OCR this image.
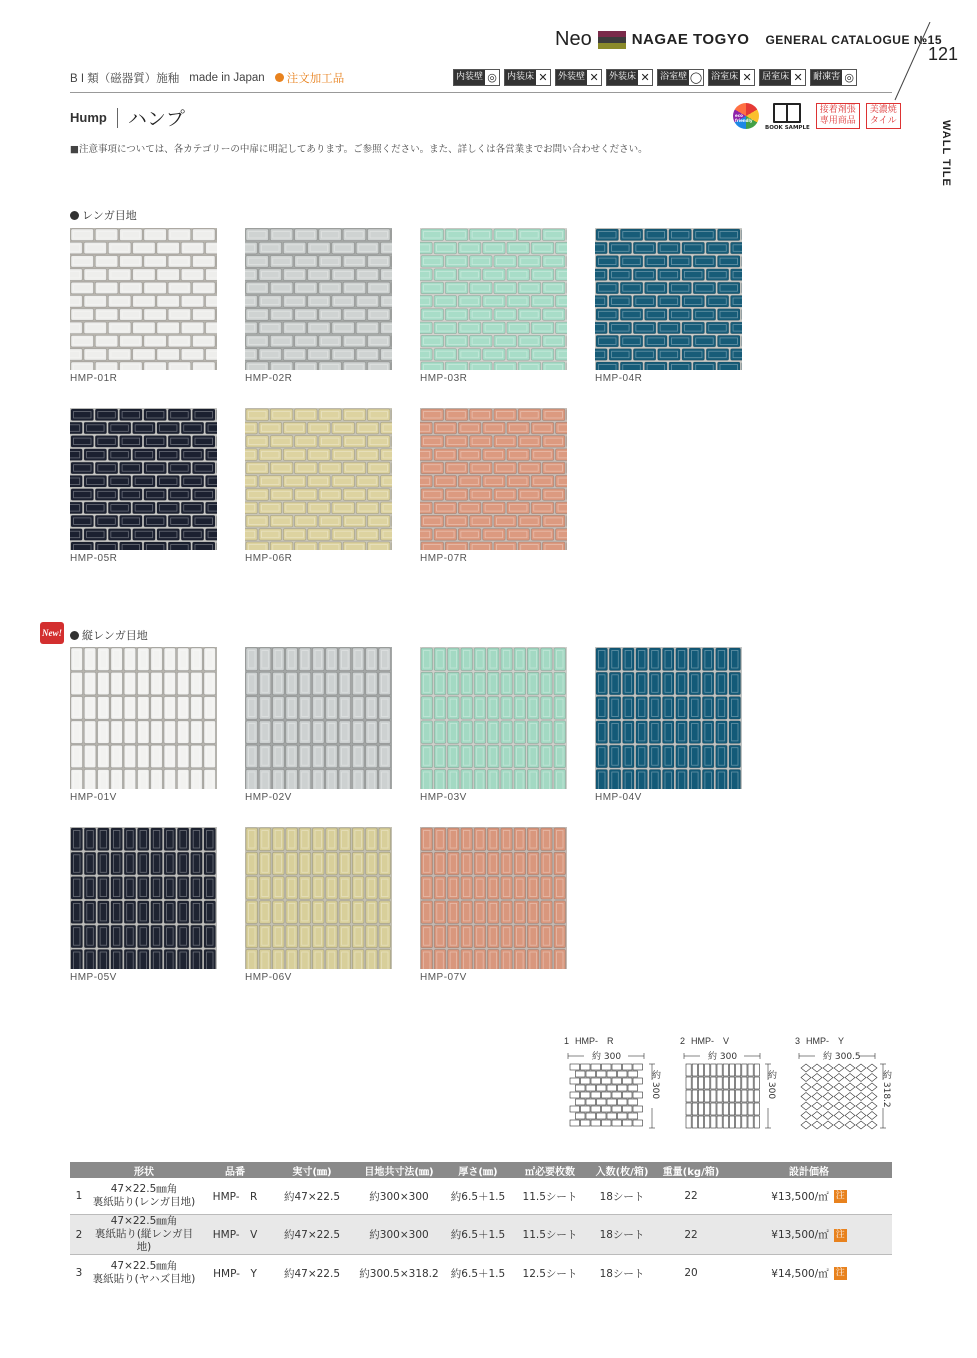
Neo	NAGAE TOGYO GENERAL CATALOGUE №15
121
B I 類（磁器質）施釉 made in Japan	注文加工品	内装壁 ◎ 内装床 ✕ 外装壁 ✕ 外装床 ✕ 浴室壁 ◯ 浴室床 ✕ 居室床 ✕ 耐凍害 ◎
Hump ハンプ	eco friendly
BOOK SAMPLE
接着剤張
専用商品
美濃焼
タイル	WALL TILE
■注意事項については、各カテゴリーの中扉に明記してあります。ご参照ください。また、詳しくは各営業までお問い合わせください。
レンガ目地
New! 縦レンガ目地
HMP-01R	HMP-02R	HMP-03R	HMP-04R
HMP-05R	HMP-06R	HMP-07R
HMP-01V	HMP-02V	HMP-03V	HMP-04V
HMP-05V	HMP-06V	HMP-07V
1 HMP-　R
約 300
約 300
2 HMP-　V
約 300
約 300
3 HMP-　Y
約 300.5
約 318.2
	形状	品番	実寸(㎜)	目地共寸法(㎜)	厚さ(㎜)	㎡必要枚数	入数(枚/箱)	重量(kg/箱)	設計価格
1	47×22.5㎜角
裏紙貼り(レンガ目地)	HMP-　R	約47×22.5	約300×300	約6.5＋1.5	11.5シート	18シート	22	¥13,500/㎡ 注
2	47×22.5㎜角
裏紙貼り(縦レンガ目地)	HMP-　V	約47×22.5	約300×300	約6.5＋1.5	11.5シート	18シート	22	¥13,500/㎡ 注
3	47×22.5㎜角
裏紙貼り(ヤハズ目地)	HMP-　Y	約47×22.5	約300.5×318.2	約6.5＋1.5	12.5シート	18シート	20	¥14,500/㎡ 注
